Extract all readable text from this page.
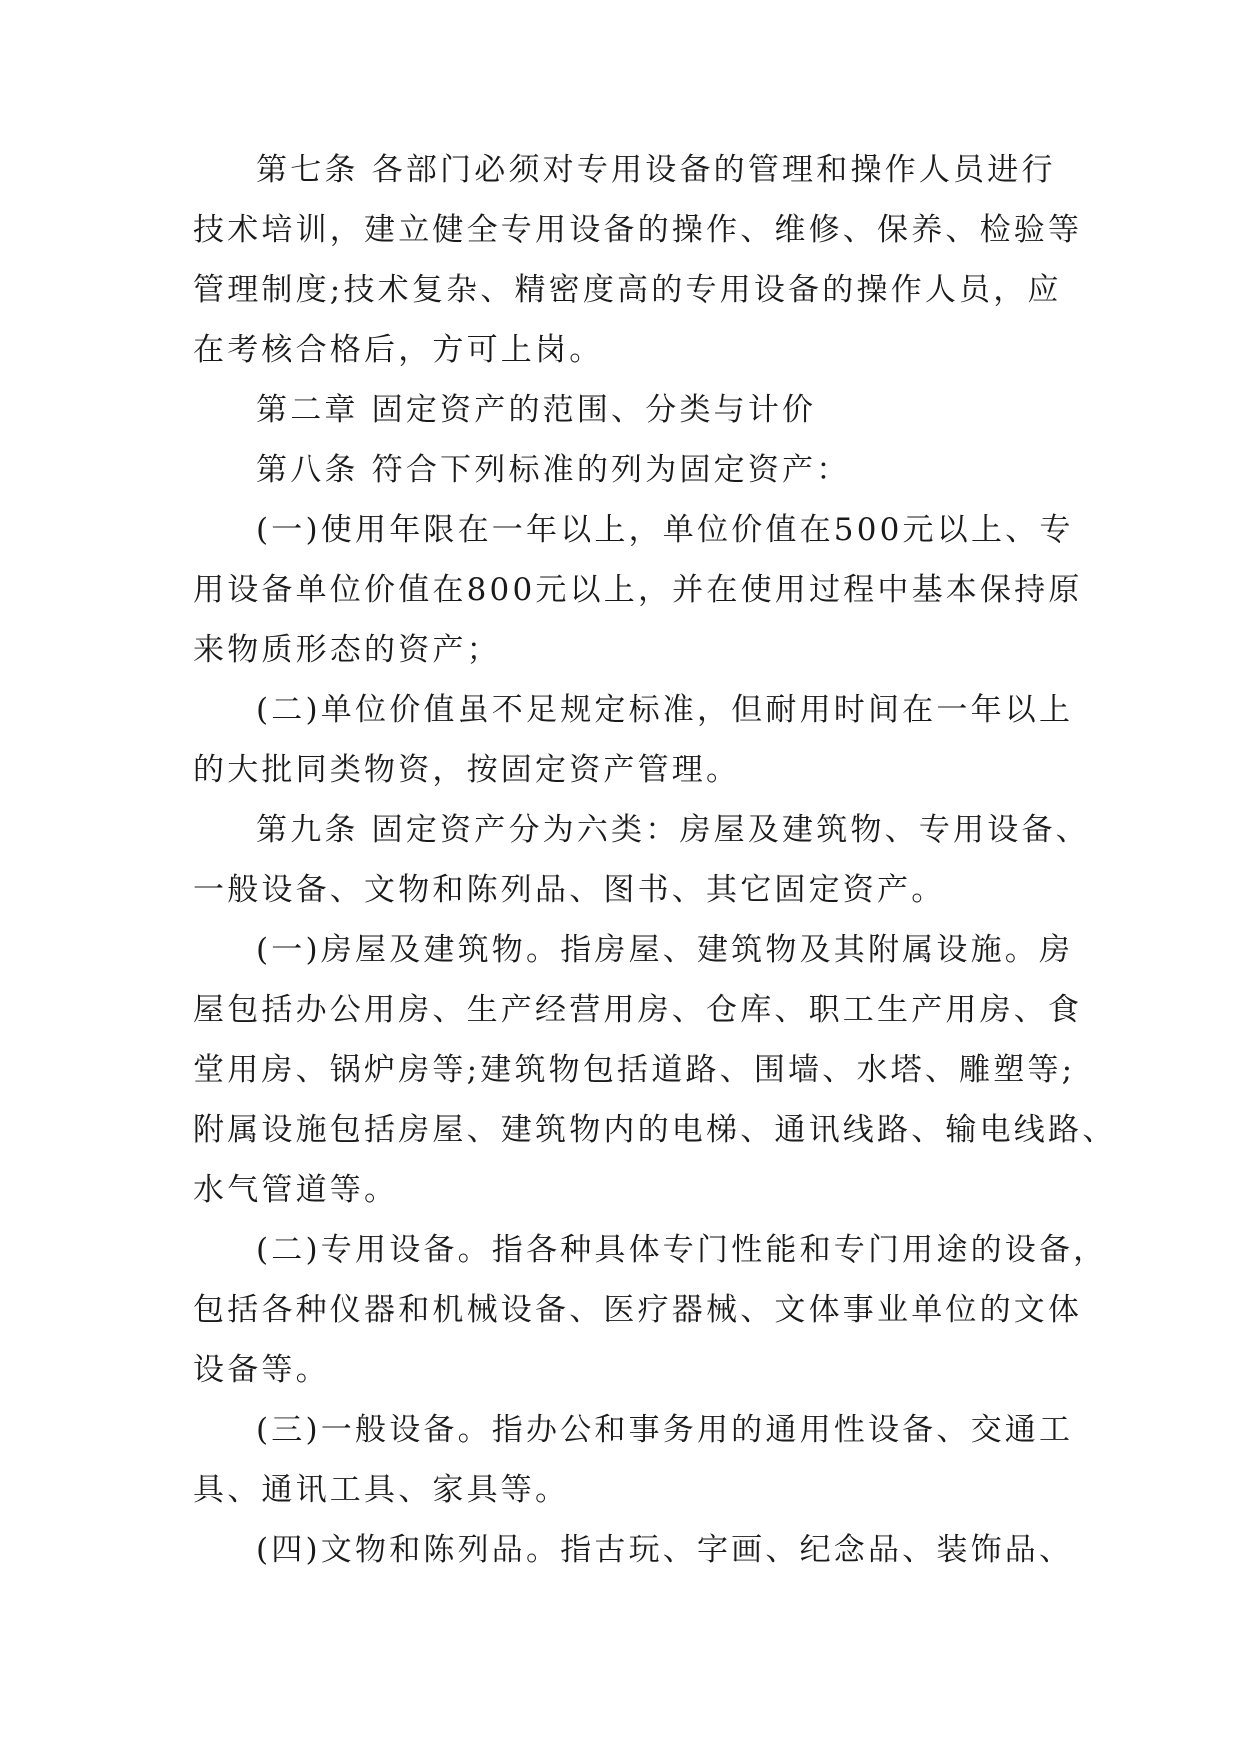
第七条 各部门必须对专用设备的管理和操作人员进行
技术培训，建立健全专用设备的操作、维修、保养、检验等
管理制度;技术复杂、精密度高的专用设备的操作人员，应
在考核合格后，方可上岗。
第二章 固定资产的范围、分类与计价
第八条 符合下列标准的列为固定资产：
(一)使用年限在一年以上，单位价值在500元以上、专
用设备单位价值在800元以上，并在使用过程中基本保持原
来物质形态的资产；
(二)单位价值虽不足规定标准，但耐用时间在一年以上
的大批同类物资，按固定资产管理。
第九条 固定资产分为六类：房屋及建筑物、专用设备、
一般设备、文物和陈列品、图书、其它固定资产。
(一)房屋及建筑物。指房屋、建筑物及其附属设施。房
屋包括办公用房、生产经营用房、仓库、职工生产用房、食
堂用房、锅炉房等;建筑物包括道路、围墙、水塔、雕塑等;
附属设施包括房屋、建筑物内的电梯、通讯线路、输电线路、
水气管道等。
(二)专用设备。指各种具体专门性能和专门用途的设备，
包括各种仪器和机械设备、医疗器械、文体事业单位的文体
设备等。
(三)一般设备。指办公和事务用的通用性设备、交通工
具、通讯工具、家具等。
(四)文物和陈列品。指古玩、字画、纪念品、装饰品、
